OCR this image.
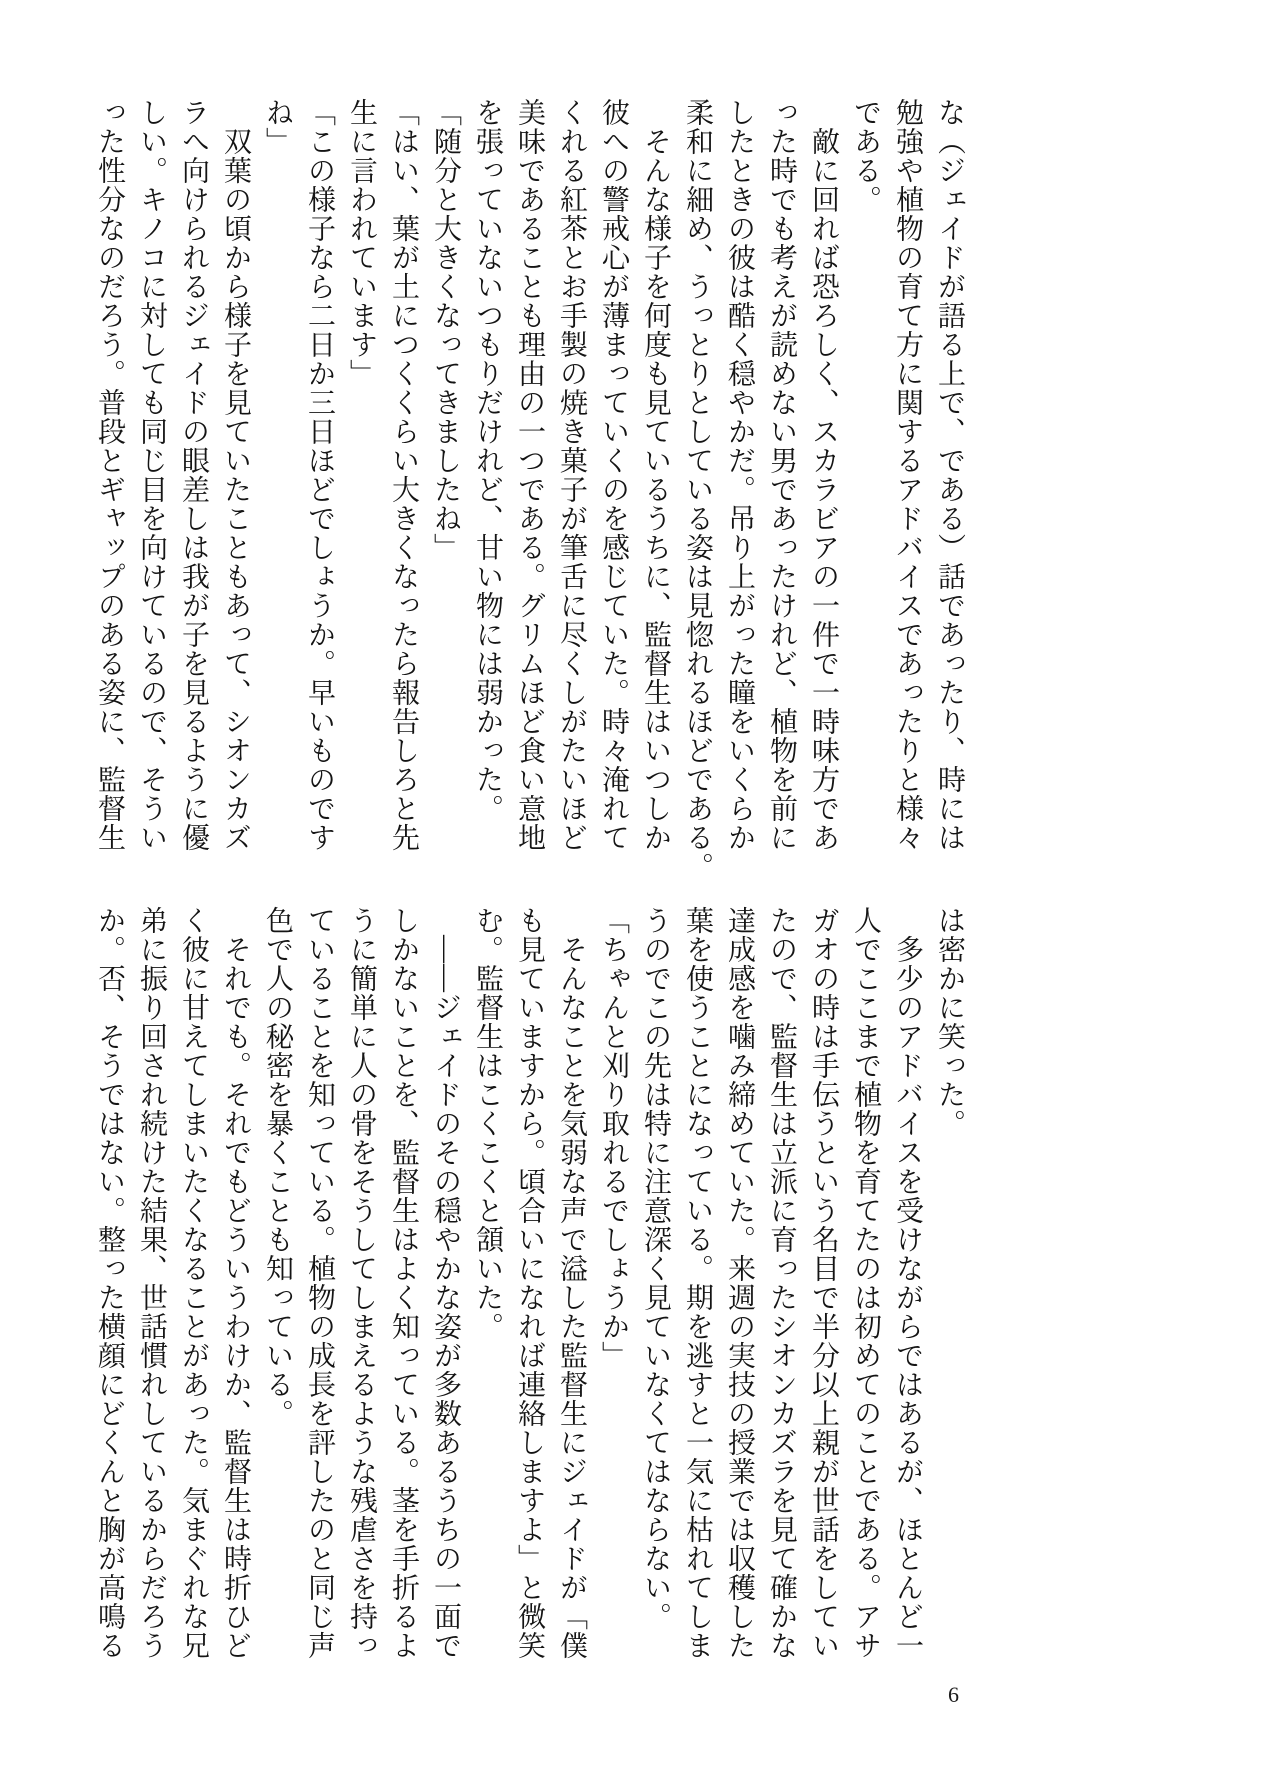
な（ジェイドが語る上で、である）話であったり、時には
勉強や植物の育て方に関するアドバイスであったりと様々
である。
　敵に回れば恐ろしく、スカラビアの一件で一時味方であ
った時でも考えが読めない男であったけれど、植物を前に
したときの彼は酷く穏やかだ。吊り上がった瞳をいくらか
柔和に細め、うっとりとしている姿は見惚れるほどである。
　そんな様子を何度も見ているうちに、監督生はいつしか
彼への警戒心が薄まっていくのを感じていた。時々淹れて
くれる紅茶とお手製の焼き菓子が筆舌に尽くしがたいほど
美味であることも理由の一つである。グリムほど食い意地
を張っていないつもりだけれど、甘い物には弱かった。
「随分と大きくなってきましたね」
「はい、葉が土につくくらい大きくなったら報告しろと先
生に言われています」
「この様子なら二日か三日ほどでしょうか。早いものです
ね」
　双葉の頃から様子を見ていたこともあって、シオンカズ
ラへ向けられるジェイドの眼差しは我が子を見るように優
しい。キノコに対しても同じ目を向けているので、そうい
った性分なのだろう。普段とギャップのある姿に、監督生

は密かに笑った。
　多少のアドバイスを受けながらではあるが、ほとんど一
人でここまで植物を育てたのは初めてのことである。アサ
ガオの時は手伝うという名目で半分以上親が世話をしてい
たので、監督生は立派に育ったシオンカズラを見て確かな
達成感を噛み締めていた。来週の実技の授業では収穫した
葉を使うことになっている。期を逃すと一気に枯れてしま
うのでこの先は特に注意深く見ていなくてはならない。
「ちゃんと刈り取れるでしょうか」
　そんなことを気弱な声で溢した監督生にジェイドが「僕
も見ていますから。頃合いになれば連絡しますよ」と微笑
む。監督生はこくこくと頷いた。
　――ジェイドのその穏やかな姿が多数あるうちの一面で
しかないことを、監督生はよく知っている。茎を手折るよ
うに簡単に人の骨をそうしてしまえるような残虐さを持っ
ていることを知っている。植物の成長を評したのと同じ声
色で人の秘密を暴くことも知っている。
　それでも。それでもどういうわけか、監督生は時折ひど
く彼に甘えてしまいたくなることがあった。気まぐれな兄
弟に振り回され続けた結果、世話慣れしているからだろう
か。否、そうではない。整った横顔にどくんと胸が高鳴る
6
